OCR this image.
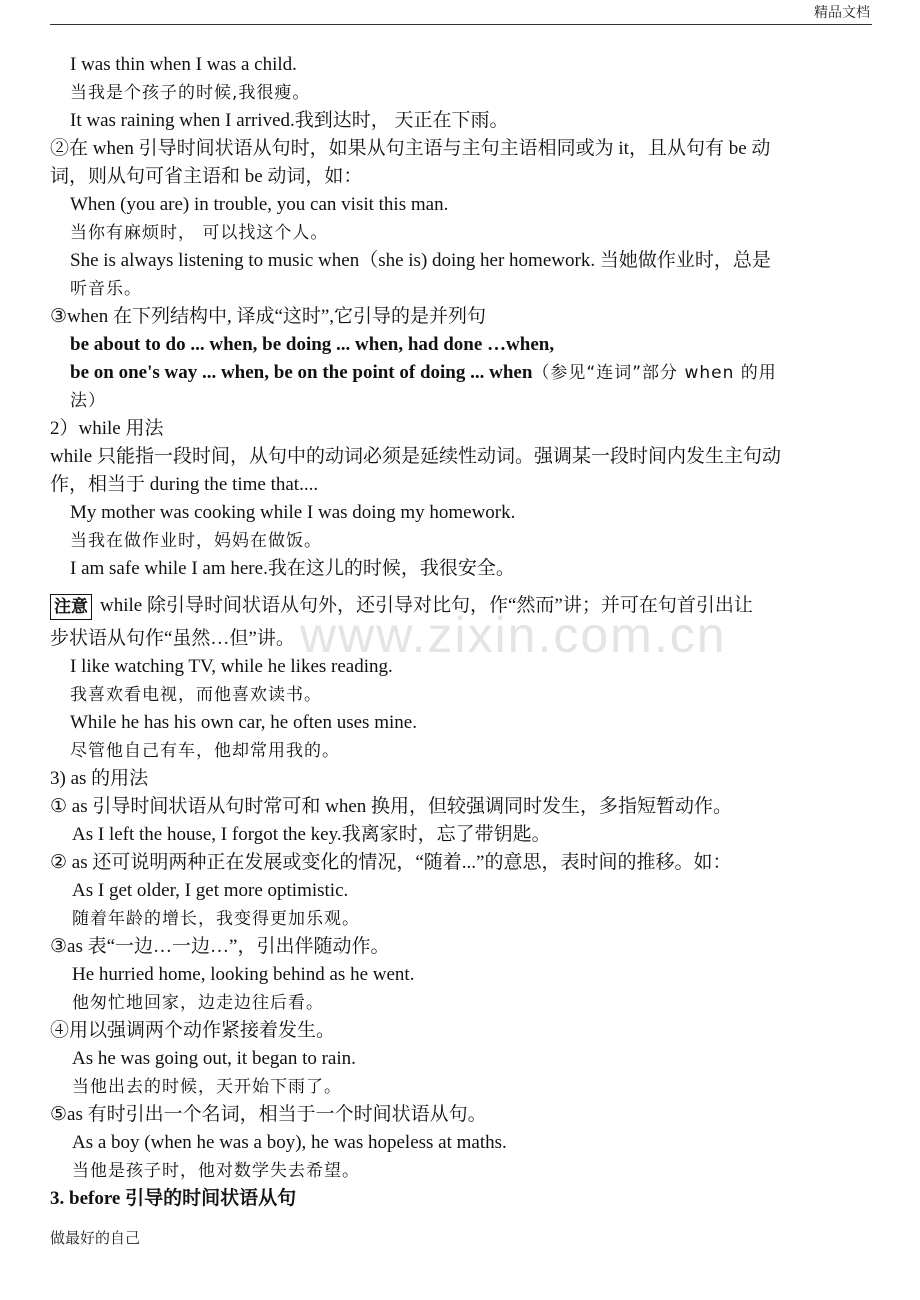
精品文档
www.zixin.com.cn
I was thin when I was a child.
当我是个孩子的时候,我很瘦。
It was raining when I arrived.我到达时， 天正在下雨。
②在 when 引导时间状语从句时，如果从句主语与主句主语相同或为 it，且从句有 be 动
词，则从句可省主语和 be 动词，如：
When (you are) in trouble, you can visit this man.
当你有麻烦时， 可以找这个人。
She is always listening to music when（she is) doing her homework. 当她做作业时，总是
听音乐。
③when 在下列结构中, 译成“这时”,它引导的是并列句
be about to do ... when, be doing ... when, had done …when,
be on one's way ... when, be on the point of doing ... when（参见“连词”部分 when 的用
法）
2）while 用法
while 只能指一段时间，从句中的动词必须是延续性动词。强调某一段时间内发生主句动
作，相当于 during the time that....
My mother was cooking while I was doing my homework.
当我在做作业时，妈妈在做饭。
I am safe while I am here.我在这儿的时候，我很安全。
注意 while 除引导时间状语从句外，还引导对比句，作“然而”讲；并可在句首引出让
步状语从句作“虽然…但”讲。
I like watching TV, while he likes reading.
我喜欢看电视，而他喜欢读书。
While he has his own car, he often uses mine.
尽管他自己有车，他却常用我的。
3) as 的用法
① as 引导时间状语从句时常可和 when 换用，但较强调同时发生，多指短暂动作。
As I left the house, I forgot the key.我离家时，忘了带钥匙。
② as 还可说明两种正在发展或变化的情况，“随着...”的意思，表时间的推移。如：
As I get older, I get more optimistic.
随着年龄的增长，我变得更加乐观。
③as 表“一边…一边…”，引出伴随动作。
He hurried home, looking behind as he went.
他匆忙地回家，边走边往后看。
④用以强调两个动作紧接着发生。
As he was going out, it began to rain.
当他出去的时候，天开始下雨了。
⑤as 有时引出一个名词，相当于一个时间状语从句。
As a boy (when he was a boy), he was hopeless at maths.
当他是孩子时，他对数学失去希望。
3. before 引导的时间状语从句
做最好的自己
